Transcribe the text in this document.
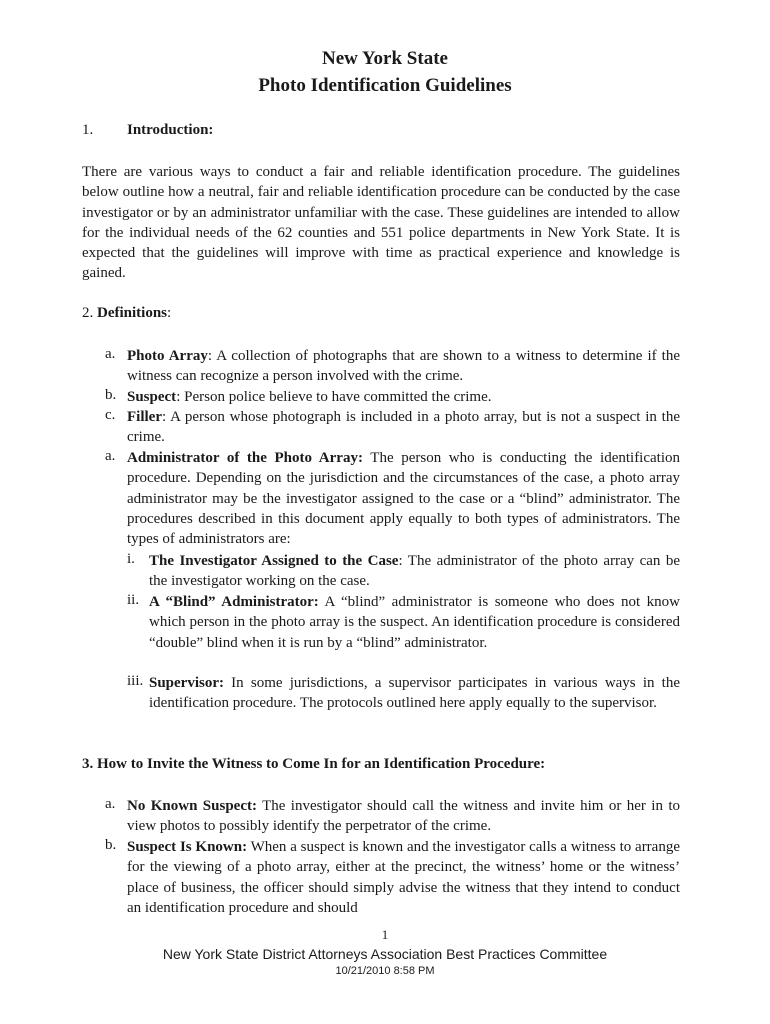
New York State
Photo Identification Guidelines
1. Introduction:
There are various ways to conduct a fair and reliable identification procedure. The guidelines below outline how a neutral, fair and reliable identification procedure can be conducted by the case investigator or by an administrator unfamiliar with the case. These guidelines are intended to allow for the individual needs of the 62 counties and 551 police departments in New York State. It is expected that the guidelines will improve with time as practical experience and knowledge is gained.
2. Definitions:
a. Photo Array: A collection of photographs that are shown to a witness to determine if the witness can recognize a person involved with the crime.
b. Suspect: Person police believe to have committed the crime.
c. Filler: A person whose photograph is included in a photo array, but is not a suspect in the crime.
a. Administrator of the Photo Array: The person who is conducting the identification procedure. Depending on the jurisdiction and the circumstances of the case, a photo array administrator may be the investigator assigned to the case or a “blind” administrator. The procedures described in this document apply equally to both types of administrators. The types of administrators are:
i. The Investigator Assigned to the Case: The administrator of the photo array can be the investigator working on the case.
ii. A “Blind” Administrator: A “blind” administrator is someone who does not know which person in the photo array is the suspect. An identification procedure is considered “double” blind when it is run by a “blind” administrator.
iii. Supervisor: In some jurisdictions, a supervisor participates in various ways in the identification procedure. The protocols outlined here apply equally to the supervisor.
3. How to Invite the Witness to Come In for an Identification Procedure:
a. No Known Suspect: The investigator should call the witness and invite him or her in to view photos to possibly identify the perpetrator of the crime.
b. Suspect Is Known: When a suspect is known and the investigator calls a witness to arrange for the viewing of a photo array, either at the precinct, the witness’ home or the witness’ place of business, the officer should simply advise the witness that they intend to conduct an identification procedure and should
1
New York State District Attorneys Association Best Practices Committee
10/21/2010 8:58 PM
